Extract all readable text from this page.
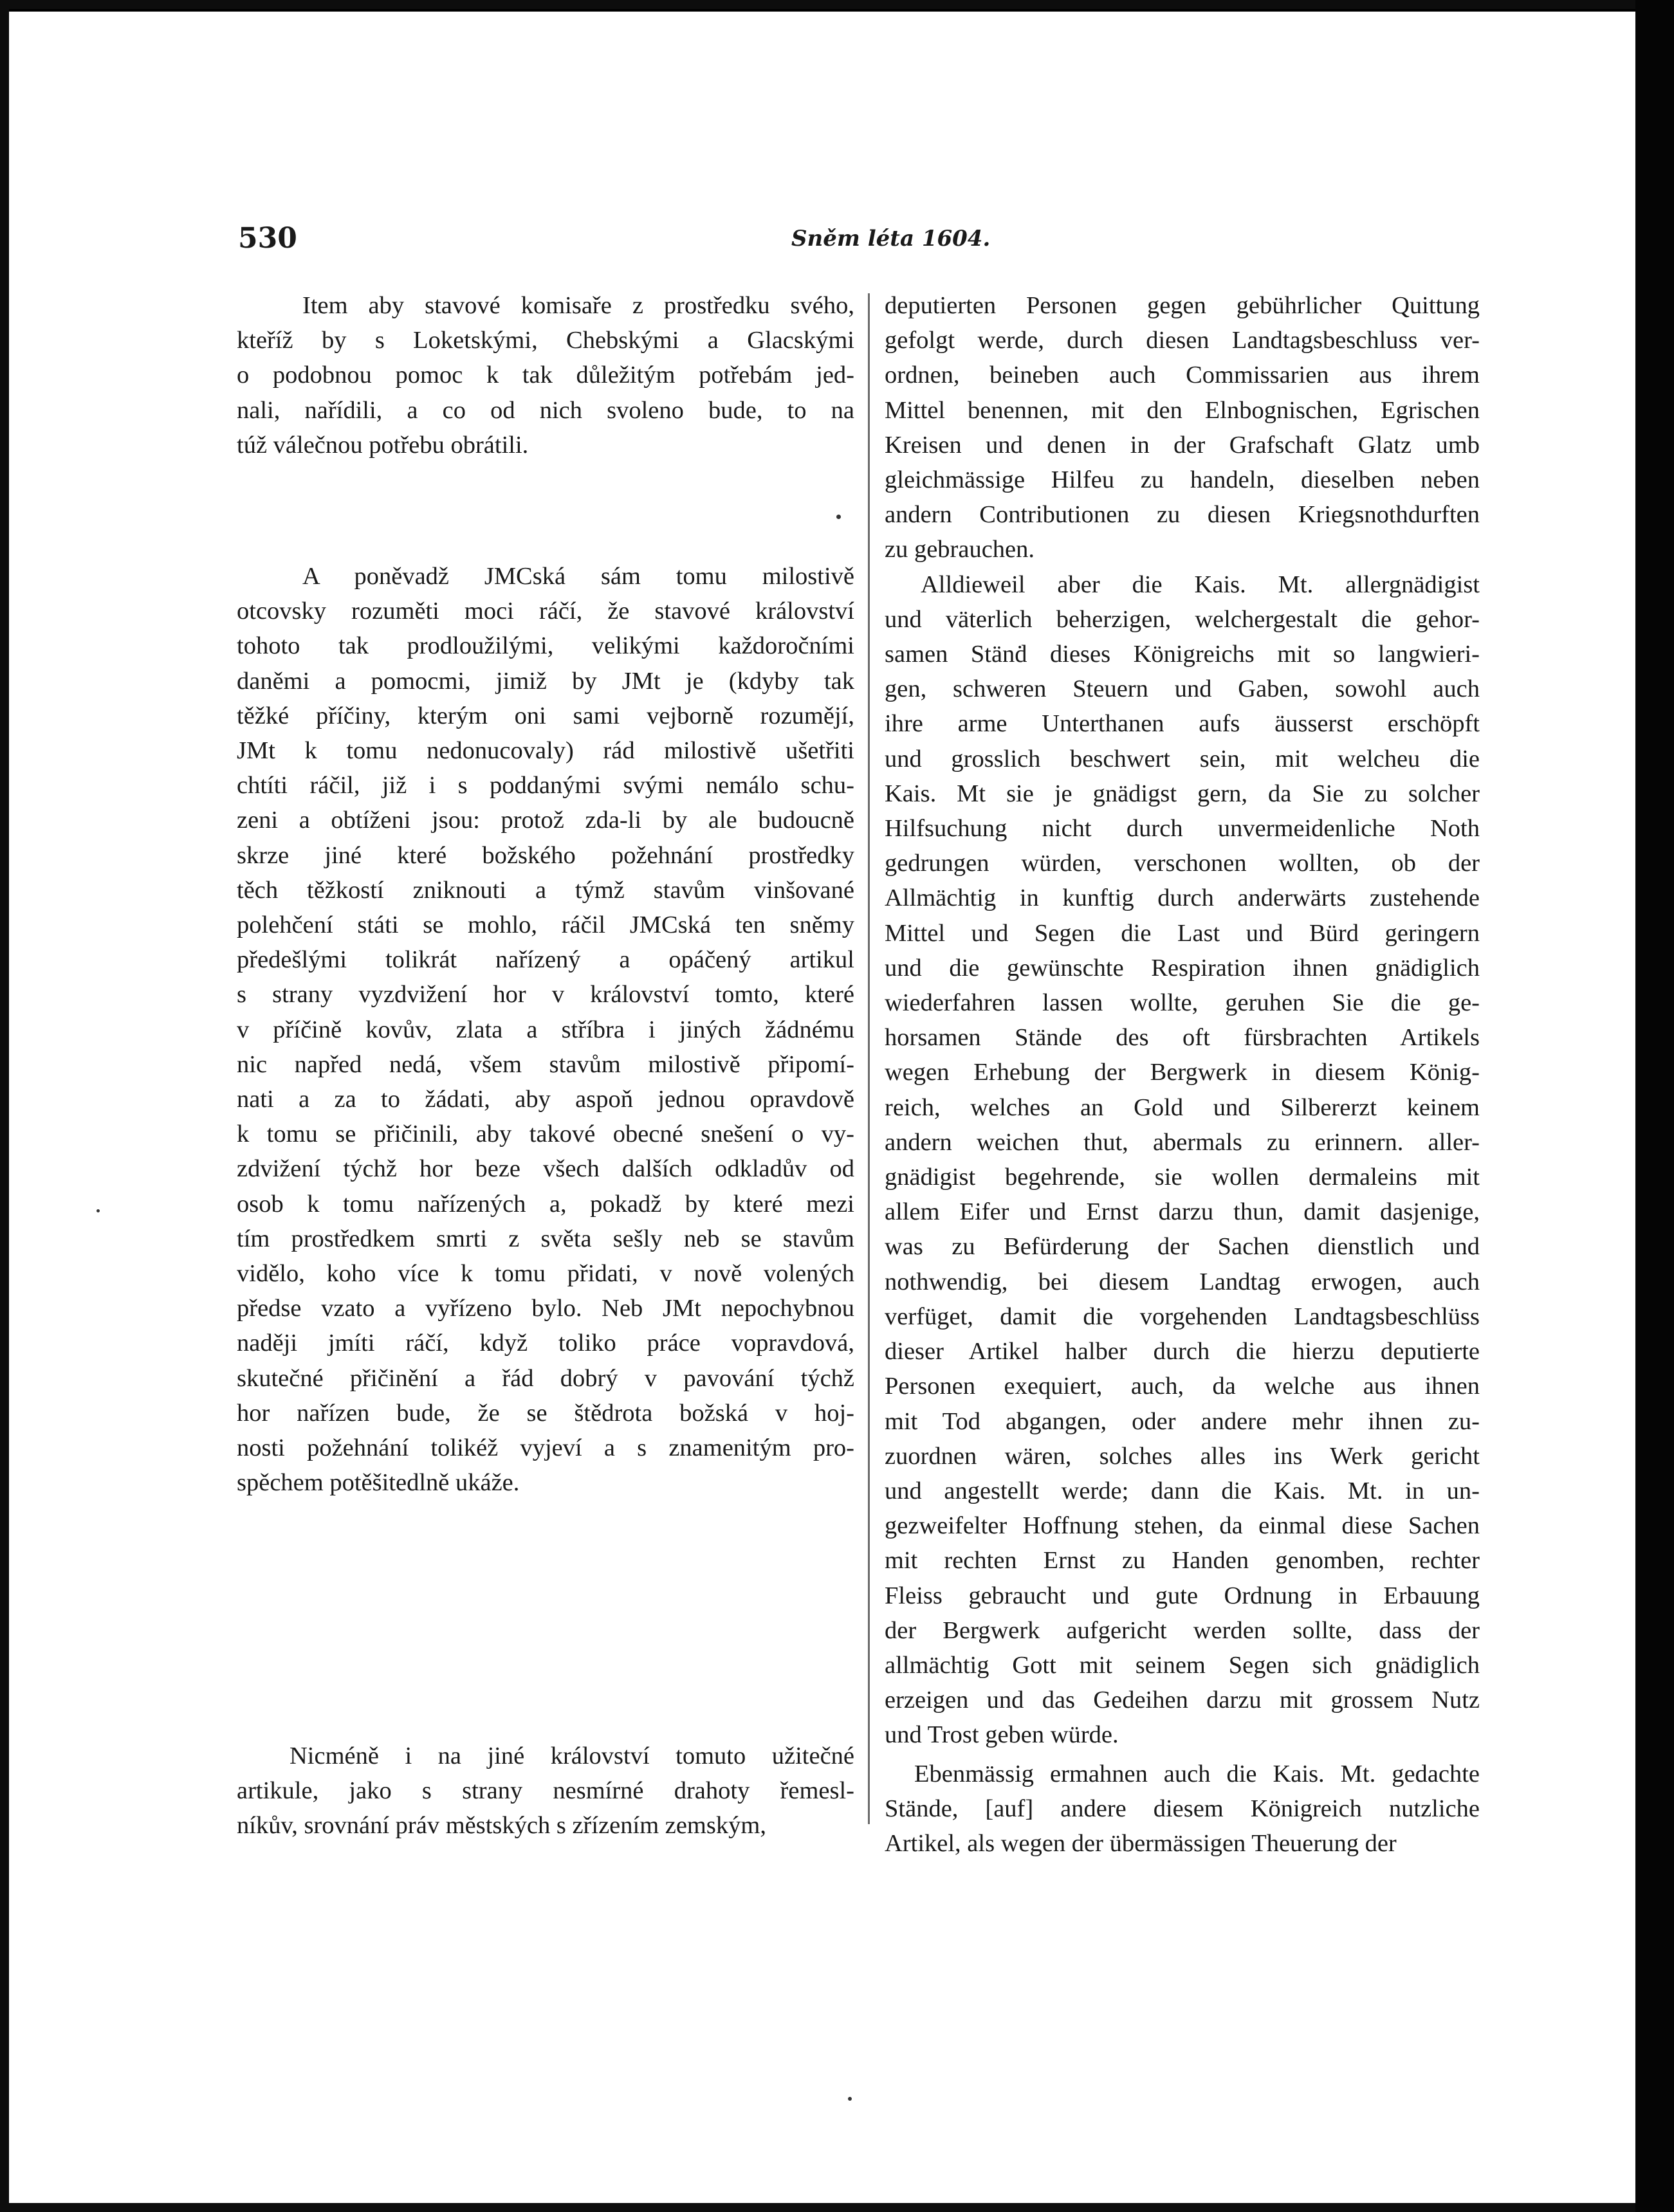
530	Sněm léta 1604.
Item aby stavové komisaře z prostředku svého,
kteříž by s Loketskými, Chebskými a Glacskými
o podobnou pomoc k tak důležitým potřebám jed-
nali, nařídili, a co od nich svoleno bude, to na
túž válečnou potřebu obrátili.
A poněvadž JMCská sám tomu milostivě
otcovsky rozuměti moci ráčí, že stavové království
tohoto tak prodloužilými, velikými každoročními
daněmi a pomocmi, jimiž by JMt je (kdyby tak
těžké příčiny, kterým oni sami vejborně rozumějí,
JMt k tomu nedonucovaly) rád milostivě ušetřiti
chtíti ráčil, již i s poddanými svými nemálo schu-
zeni a obtíženi jsou: protož zda-li by ale budoucně
skrze jiné které božského požehnání prostředky
těch těžkostí zniknouti a týmž stavům vinšované
polehčení státi se mohlo, ráčil JMCská ten sněmy
předešlými tolikrát nařízený a opáčený artikul
s strany vyzdvižení hor v království tomto, které
v příčině kovův, zlata a stříbra i jiných žádnému
nic napřed nedá, všem stavům milostivě připomí-
nati a za to žádati, aby aspoň jednou opravdově
k tomu se přičinili, aby takové obecné snešení o vy-
zdvižení týchž hor beze všech dalších odkladův od
osob k tomu nařízených a, pokadž by které mezi
tím prostředkem smrti z světa sešly neb se stavům
vidělo, koho více k tomu přidati, v nově volených
předse vzato a vyřízeno bylo. Neb JMt nepochybnou
naději jmíti ráčí, když toliko práce vopravdová,
skutečné přičinění a řád dobrý v pavování týchž
hor nařízen bude, že se štědrota božská v hoj-
nosti požehnání tolikéž vyjeví a s znamenitým pro-
spěchem potěšitedlně ukáže.
Nicméně i na jiné království tomuto užitečné
artikule, jako s strany nesmírné drahoty řemesl-
níkův, srovnání práv městských s zřízením zemským,
deputierten Personen gegen gebührlicher Quittung
gefolgt werde, durch diesen Landtagsbeschluss ver-
ordnen, beineben auch Commissarien aus ihrem
Mittel benennen, mit den Elnbognischen, Egrischen
Kreisen und denen in der Grafschaft Glatz umb
gleichmässige Hilfeu zu handeln, dieselben neben
andern Contributionen zu diesen Kriegsnothdurften
zu gebrauchen.
Alldieweil aber die Kais. Mt. allergnädigist
und väterlich beherzigen, welchergestalt die gehor-
samen Stänḋ dieses Königreichs mit so langwieri-
gen, schweren Steuern und Gaben, sowohl auch
ihre arme Unterthanen aufs äusserst erschöpft
und grosslich beschwert sein, mit welcheu die
Kais. Mt sie je gnädigst gern, da Sie zu solcher
Hilfsuchung nicht durch unvermeidenliche Noth
gedrungen würden, verschonen wollten, ob der
Allmächtig in kunftig durch anderwärts zustehende
Mittel und Segen die Last und Bürd geringern
und die gewünschte Respiration ihnen gnädiglich
wiederfahren lassen wollte, geruhen Sie die ge-
horsamen Stände des oft fürsbrachten Artikels
wegen Erhebung der Bergwerk in diesem König-
reich, welches an Gold und Silbererzt keinem
andern weichen thut, abermals zu erinnern. aller-
gnädigist begehrende, sie wollen dermaleins mit
allem Eifer und Ernst darzu thun, damit dasjenige,
was zu Befürderung der Sachen dienstlich und
nothwendig, bei diesem Landtag erwogen, auch
verfüget, damit die vorgehenden Landtagsbeschlüss
dieser Artikel halber durch die hierzu deputierte
Personen exequiert, auch, da welche aus ihnen
mit Tod abgangen, oder andere mehr ihnen zu-
zuordnen wären, solches alles ins Werk gericht
und angestellt werde; dann die Kais. Mt. in un-
gezweifelter Hoffnung stehen, da einmal diese Sachen
mit rechten Ernst zu Handen genomben, rechter
Fleiss gebraucht und gute Ordnung in Erbauung
der Bergwerk aufgericht werden sollte, dass der
allmächtig Gott mit seinem Segen sich gnädiglich
erzeigen und das Gedeihen darzu mit grossem Nutz
und Trost geben würde.
Ebenmässig ermahnen auch die Kais. Mt. gedachte
Stände, [auf] andere diesem Königreich nutzliche
Artikel, als wegen der übermässigen Theuerung der
